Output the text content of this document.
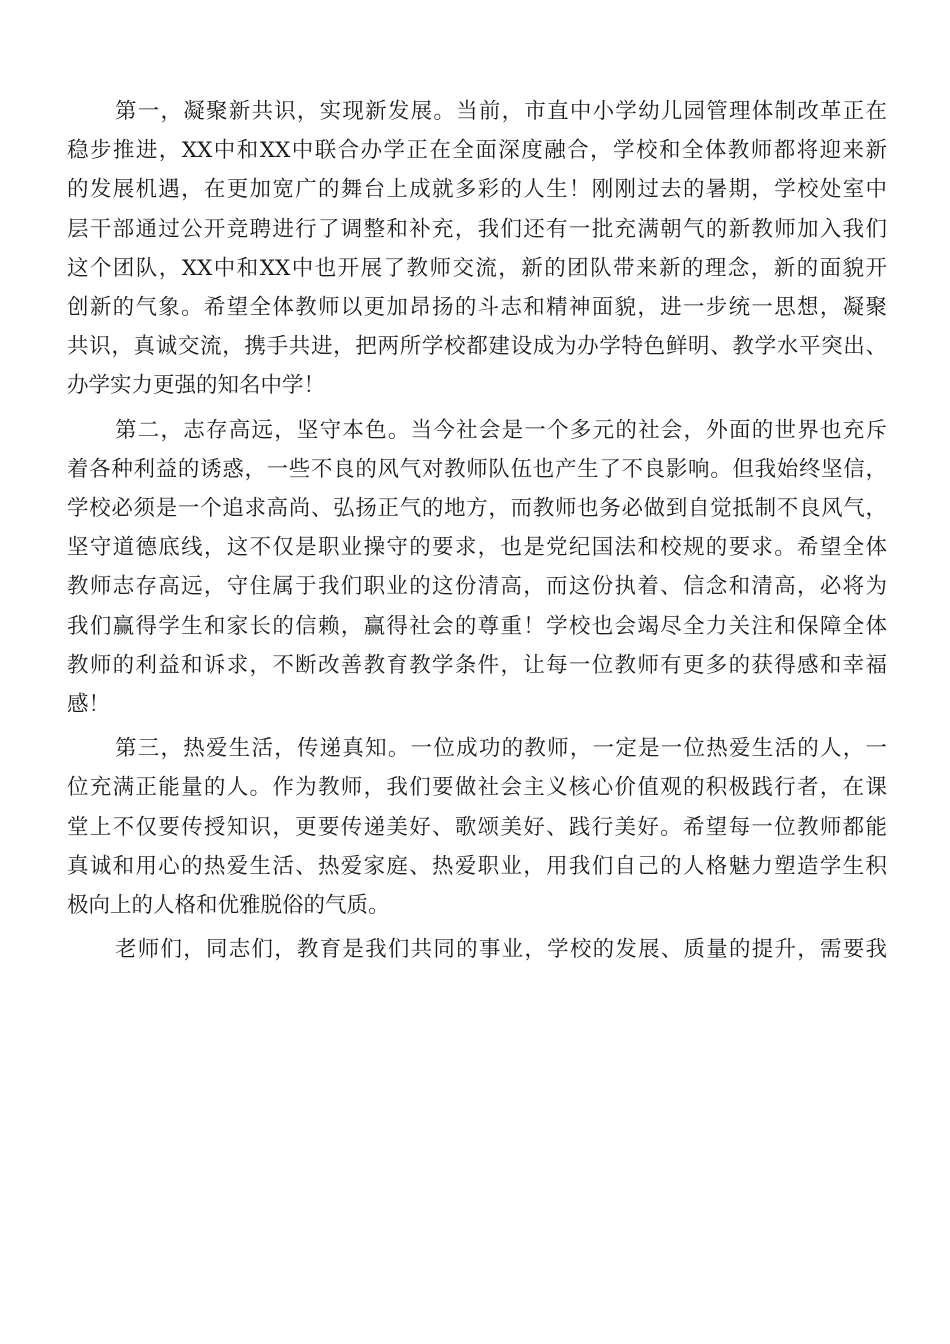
第一，凝聚新共识，实现新发展。当前，市直中小学幼儿园管理体制改革正在
稳步推进，XX中和XX中联合办学正在全面深度融合，学校和全体教师都将迎来新
的发展机遇，在更加宽广的舞台上成就多彩的人生！刚刚过去的暑期，学校处室中
层干部通过公开竞聘进行了调整和补充，我们还有一批充满朝气的新教师加入我们
这个团队，XX中和XX中也开展了教师交流，新的团队带来新的理念，新的面貌开
创新的气象。希望全体教师以更加昂扬的斗志和精神面貌，进一步统一思想，凝聚
共识，真诚交流，携手共进，把两所学校都建设成为办学特色鲜明、教学水平突出、
办学实力更强的知名中学！
第二，志存高远，坚守本色。当今社会是一个多元的社会，外面的世界也充斥
着各种利益的诱惑，一些不良的风气对教师队伍也产生了不良影响。但我始终坚信，
学校必须是一个追求高尚、弘扬正气的地方，而教师也务必做到自觉抵制不良风气，
坚守道德底线，这不仅是职业操守的要求，也是党纪国法和校规的要求。希望全体
教师志存高远，守住属于我们职业的这份清高，而这份执着、信念和清高，必将为
我们赢得学生和家长的信赖，赢得社会的尊重！学校也会竭尽全力关注和保障全体
教师的利益和诉求，不断改善教育教学条件，让每一位教师有更多的获得感和幸福
感！
第三，热爱生活，传递真知。一位成功的教师，一定是一位热爱生活的人，一
位充满正能量的人。作为教师，我们要做社会主义核心价值观的积极践行者，在课
堂上不仅要传授知识，更要传递美好、歌颂美好、践行美好。希望每一位教师都能
真诚和用心的热爱生活、热爱家庭、热爱职业，用我们自己的人格魅力塑造学生积
极向上的人格和优雅脱俗的气质。
老师们，同志们，教育是我们共同的事业，学校的发展、质量的提升，需要我
